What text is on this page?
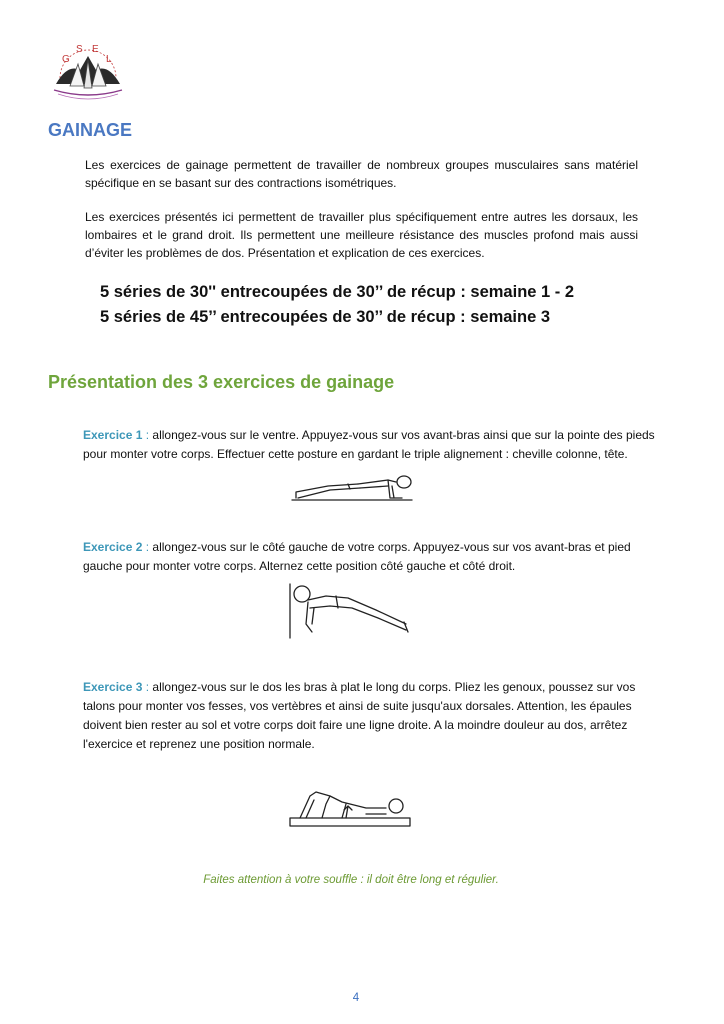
G
S E
L
GAINAGE

Les exercices de gainage permettent de travailler de nombreux groupes musculaires sans matériel spécifique en se basant sur des contractions isométriques.

Les exercices présentés ici permettent de travailler plus spécifiquement entre autres les dorsaux, les lombaires et le grand droit. Ils permettent une meilleure résistance des muscles profond mais aussi d’éviter les problèmes de dos. Présentation et explication de ces exercices.

5 séries de 30'' entrecoupées de 30’’ de récup : semaine 1 - 2

5 séries de 45’’ entrecoupées de 30’’ de récup : semaine 3

Présentation des 3 exercices de gainage

Exercice 1 : allongez-vous sur le ventre. Appuyez-vous sur vos avant-bras ainsi que sur la pointe des pieds pour monter votre corps. Effectuer cette posture en gardant le triple alignement : cheville colonne, tête.

Exercice 2 : allongez-vous sur le côté gauche de votre corps. Appuyez-vous sur vos avant-bras et pied gauche pour monter votre corps. Alternez cette position côté gauche et côté droit.

Exercice 3 : allongez-vous sur le dos les bras à plat le long du corps. Pliez les genoux, poussez sur vos talons pour monter vos fesses, vos vertèbres et ainsi de suite jusqu'aux dorsales. Attention, les épaules doivent bien rester au sol et votre corps doit faire une ligne droite. A la moindre douleur au dos, arrêtez l'exercice et reprenez une position normale.

Faites attention à votre souffle : il doit être long et régulier.

4
